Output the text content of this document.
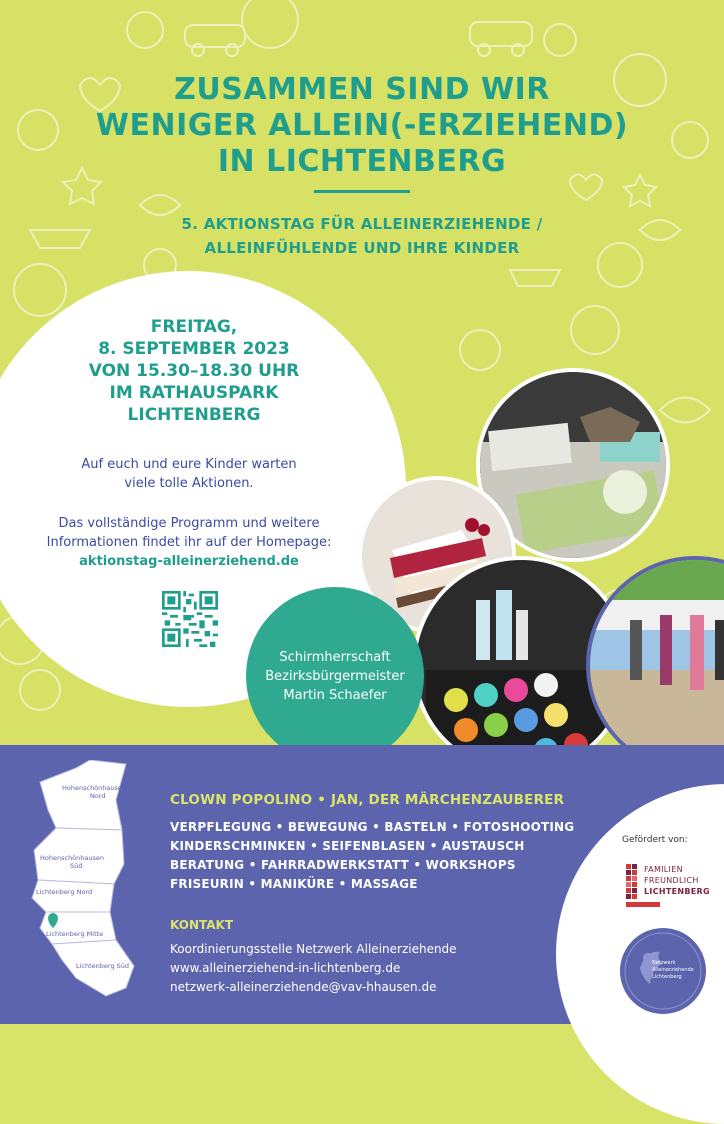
ZUSAMMEN SIND WIR
WENIGER ALLEIN(-ERZIEHEND)
IN LICHTENBERG
5. AKTIONSTAG FÜR ALLEINERZIEHENDE /
ALLEINFÜHLENDE UND IHRE KINDER
FREITAG,
8. SEPTEMBER 2023
VON 15.30–18.30 UHR
IM RATHAUSPARK
LICHTENBERG
Auf euch und eure Kinder warten
viele tolle Aktionen.
Das vollständige Programm und weitere
Informationen findet ihr auf der Homepage:
aktionstag-alleinerziehend.de
Schirmherrschaft
Bezirksbürgermeister
Martin Schaefer
Hohenschönhausen
Nord
Hohenschönhausen
Süd
Lichtenberg Nord
Lichtenberg Mitte
Lichtenberg Süd
CLOWN POPOLINO • JAN, DER MÄRCHENZAUBERER
VERPFLEGUNG • BEWEGUNG • BASTELN • FOTOSHOOTING
KINDERSCHMINKEN • SEIFENBLASEN • AUSTAUSCH
BERATUNG • FAHRRADWERKSTATT • WORKSHOPS
FRISEURIN • MANIKÜRE • MASSAGE
KONTAKT
Koordinierungsstelle Netzwerk Alleinerziehende
www.alleinerziehend-in-lichtenberg.de
netzwerk-alleinerziehende@vav-hhausen.de
Gefördert von:
FAMILIEN
FREUNDLICH
LICHTENBERG
Netzwerk
Alleinerziehende
Lichtenberg
